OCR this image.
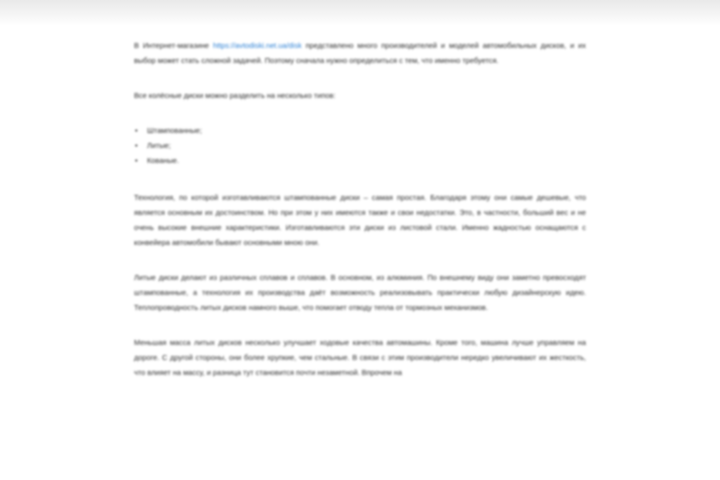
В Интернет-магазине https://avtodiski.net.ua/disk представлено много производителей и моделей автомобильных дисков, и их выбор может стать сложной задачей. Поэтому сначала нужно определиться с тем, что именно требуется.

Все колёсные диски можно разделить на несколько типов:

• Штампованные;
• Литые;
• Кованые.

Технология, по которой изготавливаются штампованные диски – самая простая. Благодаря этому они самые дешевые, что является основным их достоинством. Но при этом у них имеются также и свои недостатки. Это, в частности, больший вес и не очень высокие внешние характеристики. Изготавливаются эти диски из листовой стали. Именно жадностью оснащаются с конвейера автомобили бывают основными мною они.

Литые диски делают из различных сплавов и сплавов. В основном, из алюминия. По внешнему виду они заметно превосходят штампованные, а технология их производства даёт возможность реализовывать практически любую дизайнерскую идею. Теплопроводность литых дисков намного выше, что помогает отводу тепла от тормозных механизмов.

Меньшая масса литых дисков несколько улучшает ходовые качества автомашины. Кроме того, машина лучше управляем на дороге. С другой стороны, они более хрупкие, чем стальные. В связи с этим производители нередко увеличивают их жесткость, что влияет на массу, и разница тут становится почти незаметной. Впрочем на
